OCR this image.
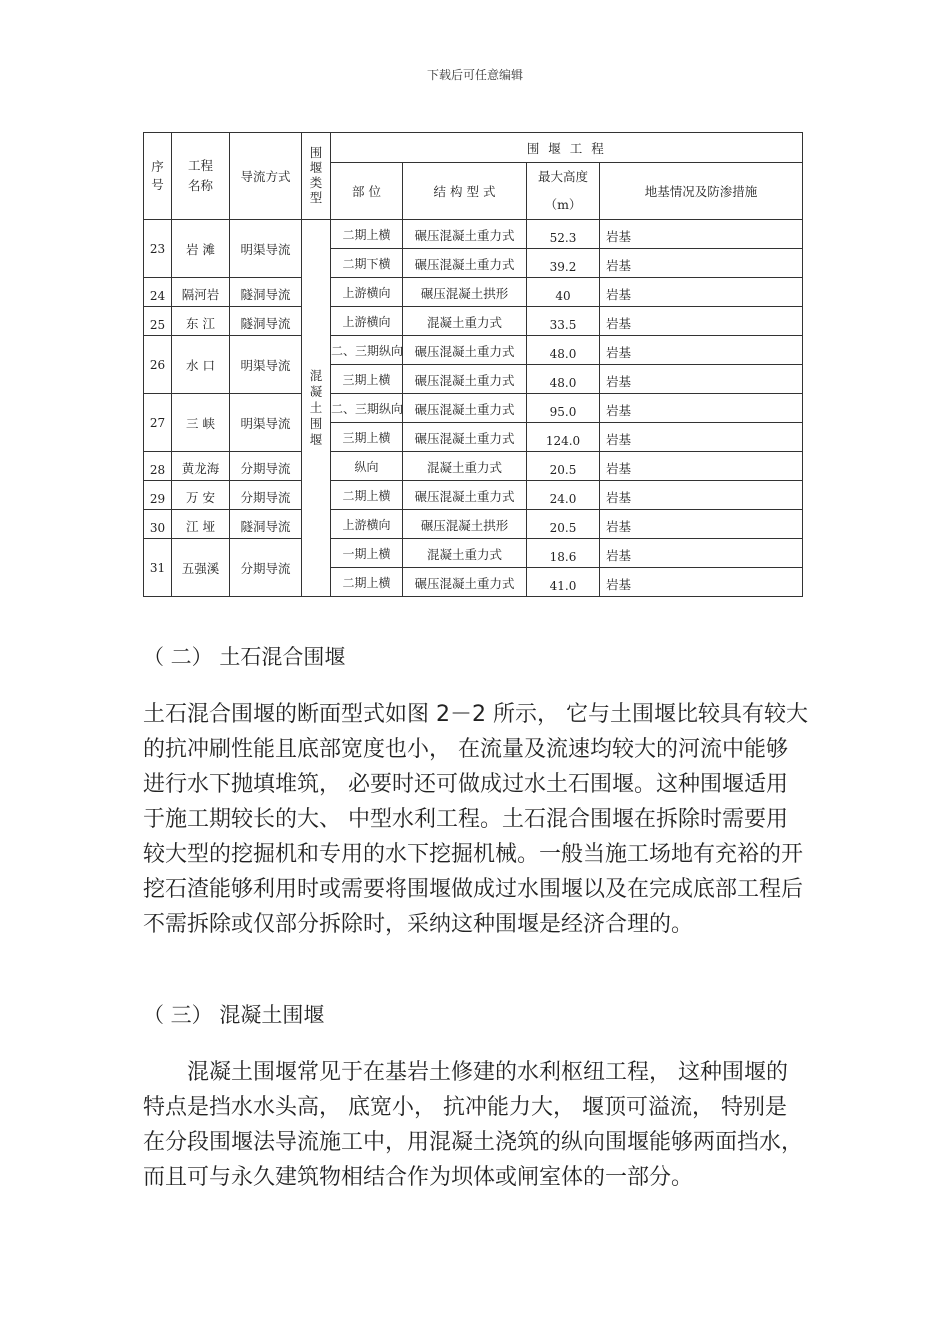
下载后可任意编辑
序号	工程名称	导流方式	围堰类型	围 堰 工 程			
				部 位	结 构 型 式	最大高度
（m）	地基情况及防渗措施
23	岩 滩	明渠导流	混凝土围堰	二期上横	碾压混凝土重力式	52.3	岩基
				二期下横	碾压混凝土重力式	39.2	岩基
24	隔河岩	隧洞导流		上游横向	碾压混凝土拱形	40	岩基
25	东 江	隧洞导流		上游横向	混凝土重力式	33.5	岩基
26	水 口	明渠导流		二、三期纵向	碾压混凝土重力式	48.0	岩基
				三期上横	碾压混凝土重力式	48.0	岩基
27	三 峡	明渠导流		二、三期纵向	碾压混凝土重力式	95.0	岩基
				三期上横	碾压混凝土重力式	124.0	岩基
28	黄龙海	分期导流		纵向	混凝土重力式	20.5	岩基
29	万 安	分期导流		二期上横	碾压混凝土重力式	24.0	岩基
30	江 垭	隧洞导流		上游横向	碾压混凝土拱形	20.5	岩基
31	五强溪	分期导流		一期上横	混凝土重力式	18.6	岩基
				二期上横	碾压混凝土重力式	41.0	岩基
（ 二） 土石混合围堰
土石混合围堰的断面型式如图 2－2 所示， 它与土围堰比较具有较大的抗冲刷性能且底部宽度也小， 在流量及流速均较大的河流中能够进行水下抛填堆筑， 必要时还可做成过水土石围堰。这种围堰适用于施工期较长的大、 中型水利工程。土石混合围堰在拆除时需要用较大型的挖掘机和专用的水下挖掘机械。一般当施工场地有充裕的开挖石渣能够利用时或需要将围堰做成过水围堰以及在完成底部工程后不需拆除或仅部分拆除时，采纳这种围堰是经济合理的。
（ 三） 混凝土围堰
混凝土围堰常见于在基岩土修建的水利枢纽工程， 这种围堰的特点是挡水水头高， 底宽小， 抗冲能力大， 堰顶可溢流， 特别是在分段围堰法导流施工中，用混凝土浇筑的纵向围堰能够两面挡水，而且可与永久建筑物相结合作为坝体或闸室体的一部分。
